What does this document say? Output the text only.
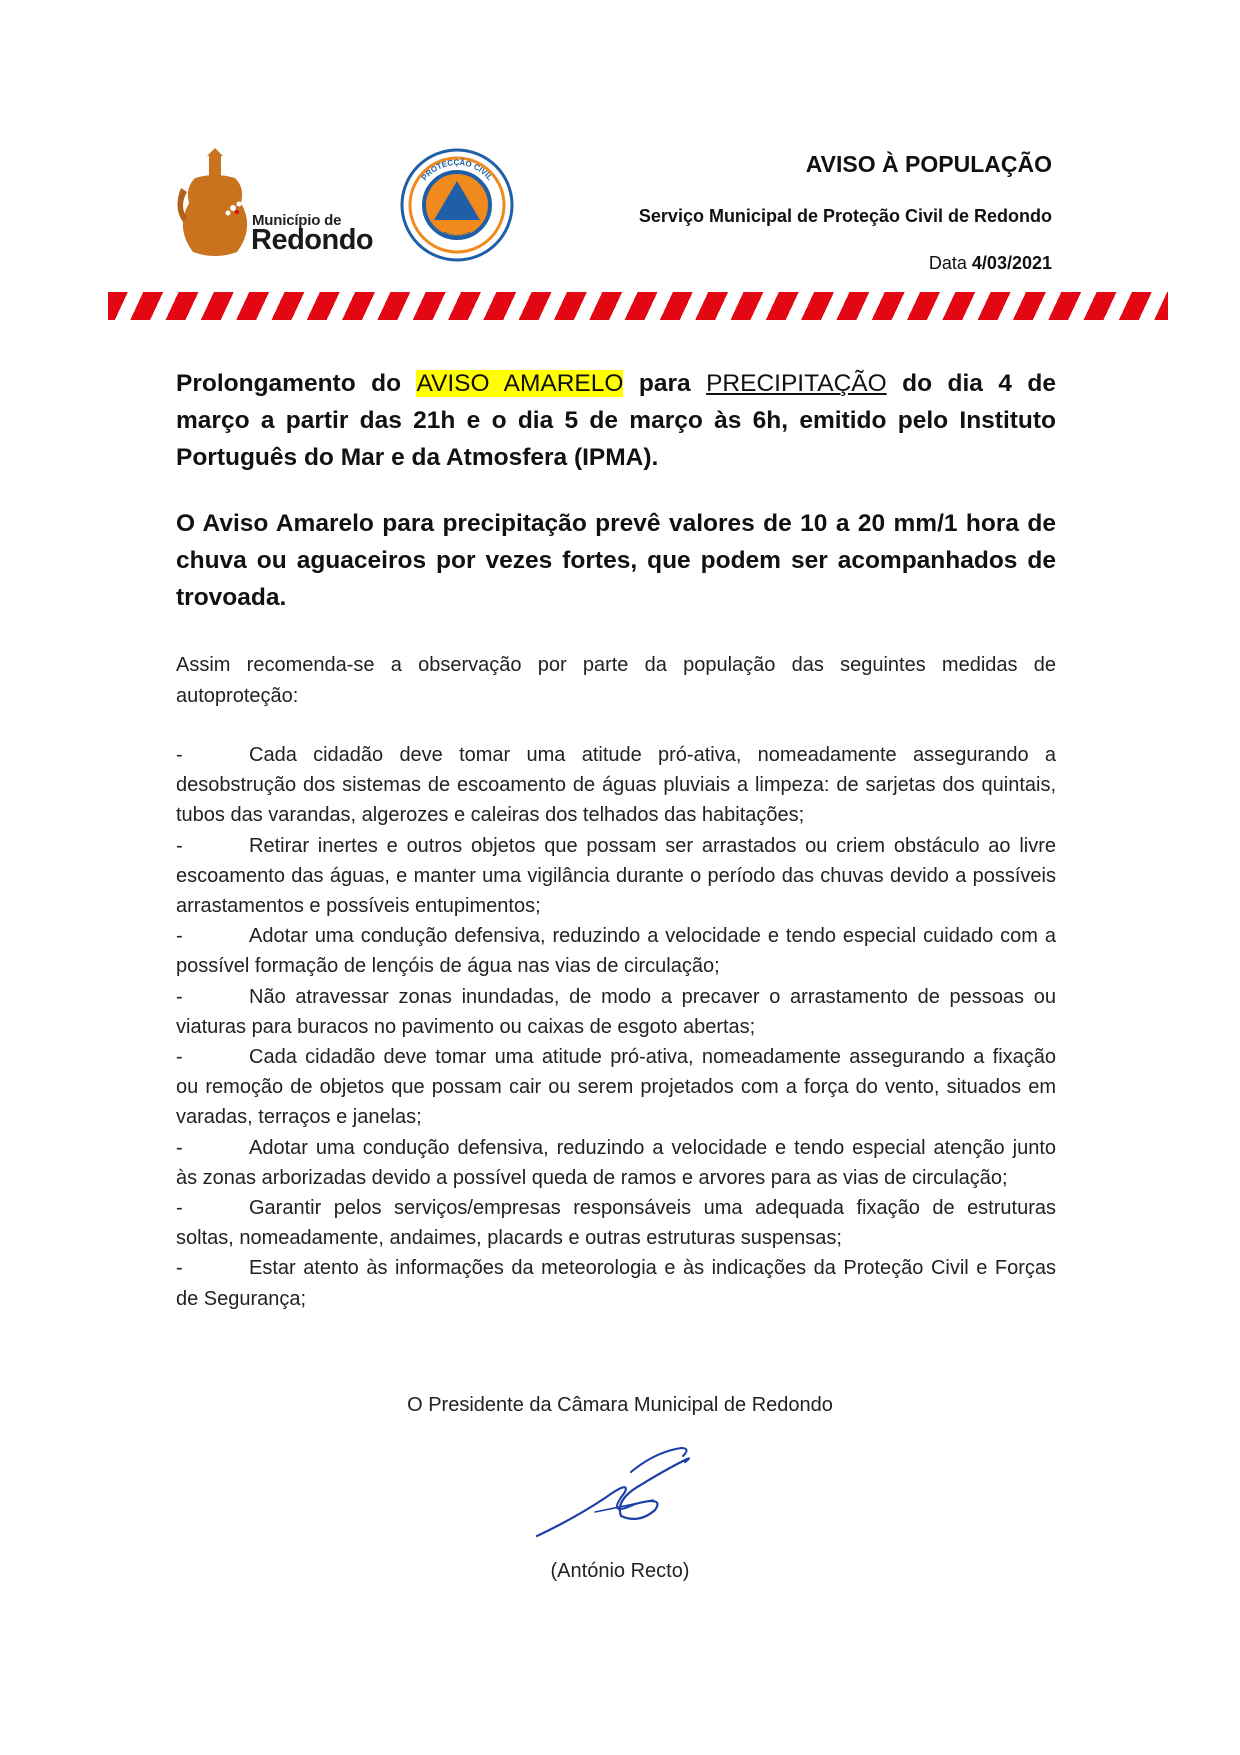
Município de
Redondo
PROTECÇÃO CIVIL
REDONDO
AVISO À POPULAÇÃO
Serviço Municipal de Proteção Civil de Redondo
Data 4/03/2021
Prolongamento do AVISO AMARELO para PRECIPITAÇÃO do dia 4 de março a partir das 21h e o dia 5 de março às 6h, emitido pelo Instituto Português do Mar e da Atmosfera (IPMA).
O Aviso Amarelo para precipitação prevê valores de 10 a 20 mm/1 hora de chuva ou aguaceiros por vezes fortes, que podem ser acompanhados de trovoada.
Assim recomenda-se a observação por parte da população das seguintes medidas de autoproteção:
-	Cada cidadão deve tomar uma atitude pró-ativa, nomeadamente assegurando a desobstrução dos sistemas de escoamento de águas pluviais a limpeza: de sarjetas dos quintais, tubos das varandas, algerozes e caleiras dos telhados das habitações;
-	Retirar inertes e outros objetos que possam ser arrastados ou criem obstáculo ao livre escoamento das águas, e manter uma vigilância durante o período das chuvas devido a possíveis arrastamentos e possíveis entupimentos;
-	Adotar uma condução defensiva, reduzindo a velocidade e tendo especial cuidado com a possível formação de lençóis de água nas vias de circulação;
-	Não atravessar zonas inundadas, de modo a precaver o arrastamento de pessoas ou viaturas para buracos no pavimento ou caixas de esgoto abertas;
-	Cada cidadão deve tomar uma atitude pró-ativa, nomeadamente assegurando a fixação ou remoção de objetos que possam cair ou serem projetados com a força do vento, situados em varadas, terraços e janelas;
-	Adotar uma condução defensiva, reduzindo a velocidade e tendo especial atenção junto às zonas arborizadas devido a possível queda de ramos e arvores para as vias de circulação;
-	Garantir pelos serviços/empresas responsáveis uma adequada fixação de estruturas soltas, nomeadamente, andaimes, placards e outras estruturas suspensas;
-	Estar atento às informações da meteorologia e às indicações da Proteção Civil e Forças de Segurança;
O Presidente da Câmara Municipal de Redondo
(António Recto)
